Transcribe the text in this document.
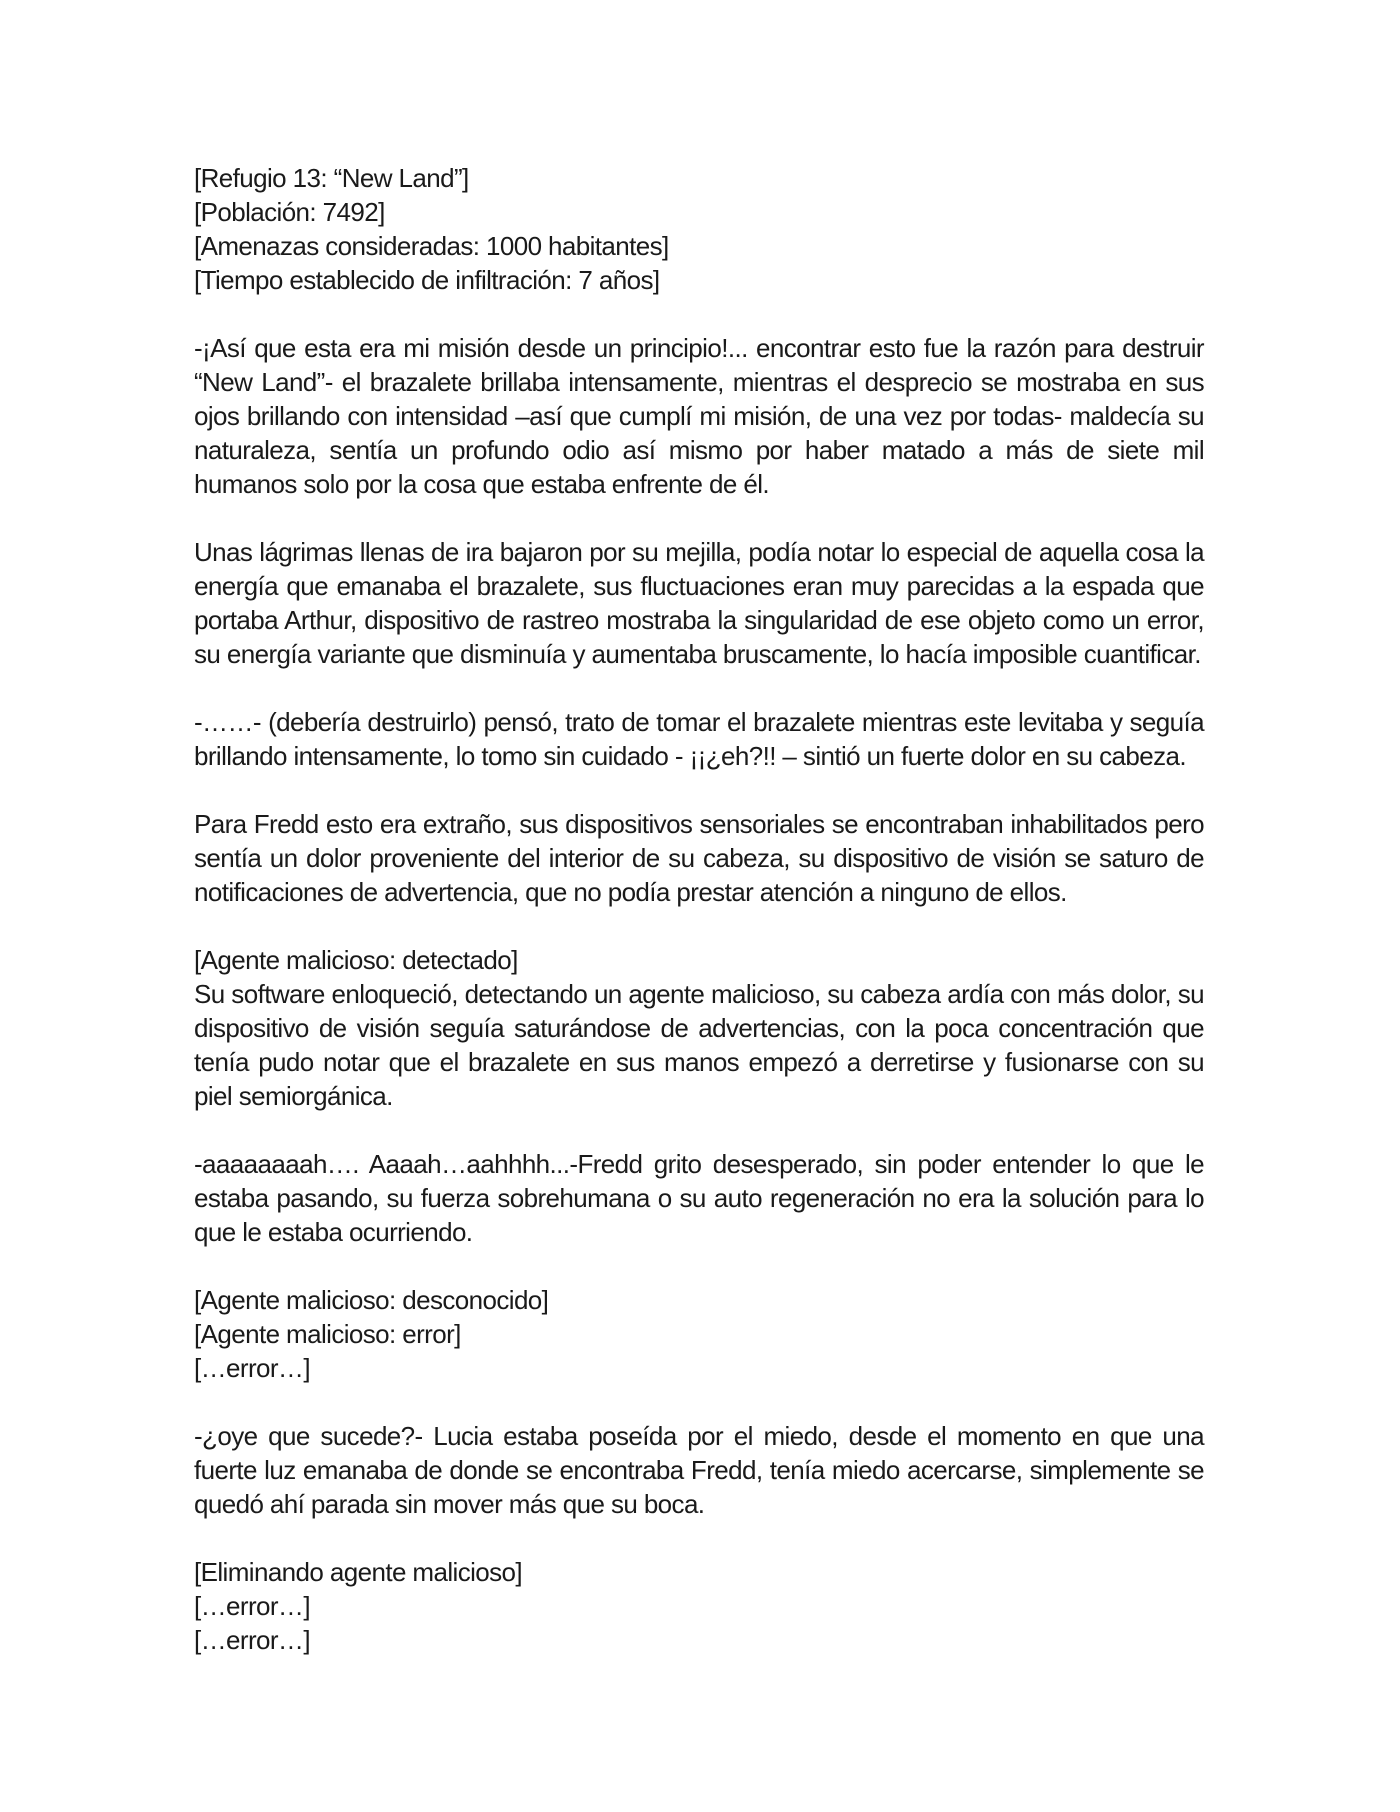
[Refugio 13: “New Land”]
[Población: 7492]
[Amenazas consideradas: 1000 habitantes]
[Tiempo establecido de infiltración: 7 años]
-¡Así que esta era mi misión desde un principio!... encontrar esto fue la razón para destruir “New Land”- el brazalete brillaba intensamente, mientras el desprecio se mostraba en sus ojos brillando con intensidad –así que cumplí mi misión, de una vez por todas- maldecía su naturaleza, sentía un profundo odio así mismo por haber matado a más de siete mil humanos solo por la cosa que estaba enfrente de él.
Unas lágrimas llenas de ira bajaron por su mejilla, podía notar lo especial de aquella cosa la energía que emanaba el brazalete, sus fluctuaciones eran muy parecidas a la espada que portaba Arthur, dispositivo de rastreo mostraba la singularidad de ese objeto como un error, su energía variante que disminuía y aumentaba bruscamente, lo hacía imposible cuantificar.
-……- (debería destruirlo) pensó, trato de tomar el brazalete mientras este levitaba y seguía brillando intensamente, lo tomo sin cuidado - ¡¡¿eh?!! – sintió un fuerte dolor en su cabeza.
Para Fredd esto era extraño, sus dispositivos sensoriales se encontraban inhabilitados pero sentía un dolor proveniente del interior de su cabeza, su dispositivo de visión se saturo de notificaciones de advertencia, que no podía prestar atención a ninguno de ellos.
[Agente malicioso: detectado]
Su software enloqueció, detectando un agente malicioso, su cabeza ardía con más dolor, su dispositivo de visión seguía saturándose de advertencias, con la poca concentración que tenía pudo notar que el brazalete en sus manos empezó a derretirse y fusionarse con su piel semiorgánica.
-aaaaaaaah…. Aaaah…aahhhh...-Fredd grito desesperado, sin poder entender lo que le estaba pasando, su fuerza sobrehumana o su auto regeneración no era la solución para lo que le estaba ocurriendo.
[Agente malicioso: desconocido]
[Agente malicioso: error]
[…error…]
-¿oye que sucede?- Lucia estaba poseída por el miedo, desde el momento en que una fuerte luz emanaba de donde se encontraba Fredd, tenía miedo acercarse, simplemente se quedó ahí parada sin mover más que su boca.
[Eliminando agente malicioso]
[…error…]
[…error…]
